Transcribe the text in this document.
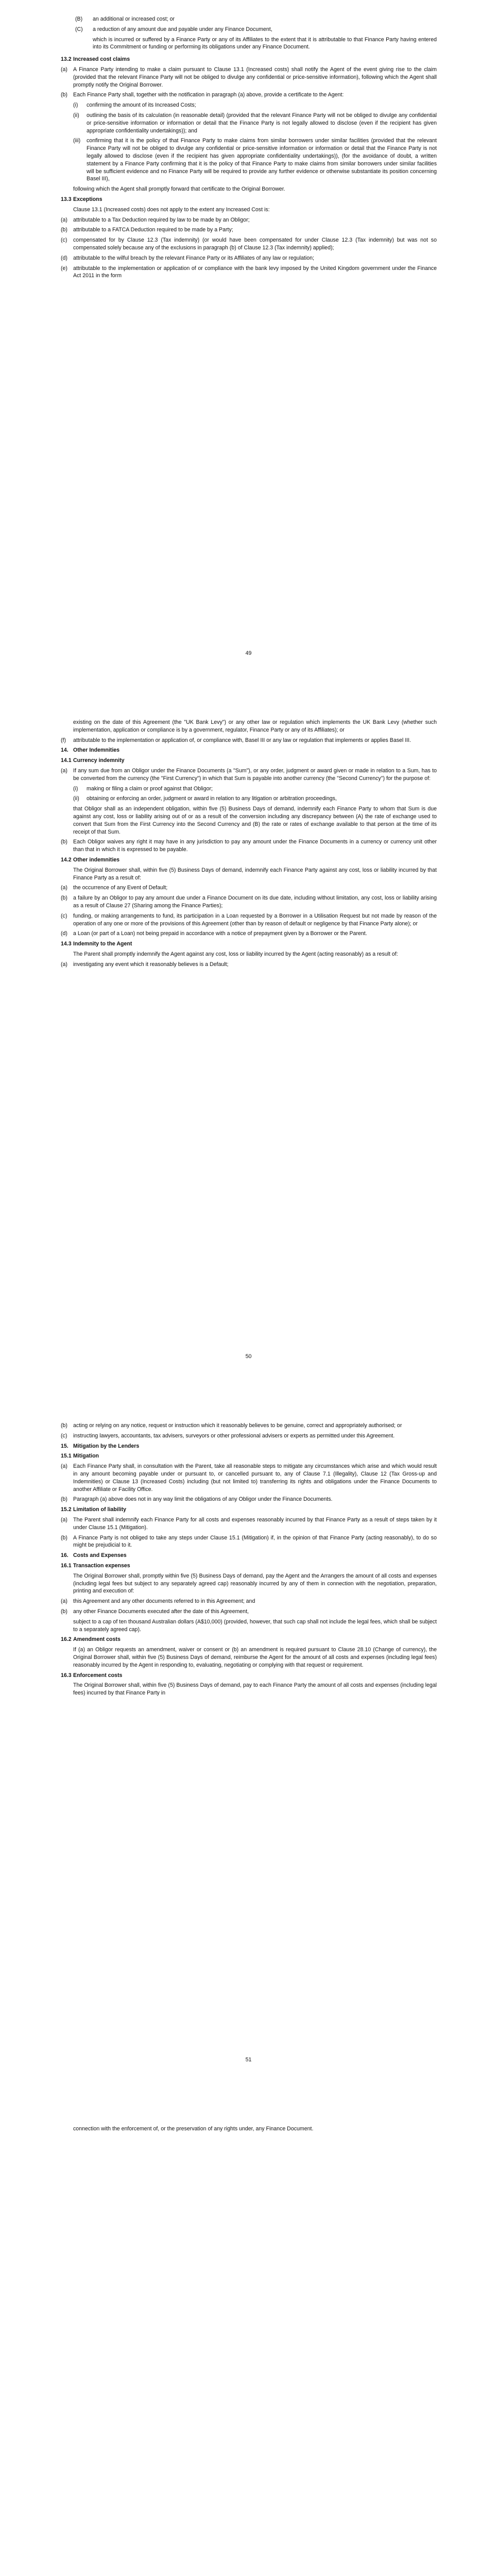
(B) an additional or increased cost; or
(C) a reduction of any amount due and payable under any Finance Document,
which is incurred or suffered by a Finance Party or any of its Affiliates to the extent that it is attributable to that Finance Party having entered into its Commitment or funding or performing its obligations under any Finance Document.
13.2 Increased cost claims
(a) A Finance Party intending to make a claim pursuant to Clause 13.1 (Increased costs) shall notify the Agent of the event giving rise to the claim (provided that the relevant Finance Party will not be obliged to divulge any confidential or price-sensitive information), following which the Agent shall promptly notify the Original Borrower.
(b) Each Finance Party shall, together with the notification in paragraph (a) above, provide a certificate to the Agent:
(i) confirming the amount of its Increased Costs;
(ii) outlining the basis of its calculation (in reasonable detail) (provided that the relevant Finance Party will not be obliged to divulge any confidential or price-sensitive information or information or detail that the Finance Party is not legally allowed to disclose (even if the recipient has given appropriate confidentiality undertakings)); and
(iii) confirming that it is the policy of that Finance Party to make claims from similar borrowers under similar facilities (provided that the relevant Finance Party will not be obliged to divulge any confidential or price-sensitive information or information or detail that the Finance Party is not legally allowed to disclose (even if the recipient has given appropriate confidentiality undertakings)), (for the avoidance of doubt, a written statement by a Finance Party confirming that it is the policy of that Finance Party to make claims from similar borrowers under similar facilities will be sufficient evidence and no Finance Party will be required to provide any further evidence or otherwise substantiate its position concerning Basel III),
following which the Agent shall promptly forward that certificate to the Original Borrower.
13.3 Exceptions
Clause 13.1 (Increased costs) does not apply to the extent any Increased Cost is:
(a) attributable to a Tax Deduction required by law to be made by an Obligor;
(b) attributable to a FATCA Deduction required to be made by a Party;
(c) compensated for by Clause 12.3 (Tax indemnity) (or would have been compensated for under Clause 12.3 (Tax indemnity) but was not so compensated solely because any of the exclusions in paragraph (b) of Clause 12.3 (Tax indemnity) applied);
(d) attributable to the wilful breach by the relevant Finance Party or its Affiliates of any law or regulation;
(e) attributable to the implementation or application of or compliance with the bank levy imposed by the United Kingdom government under the Finance Act 2011 in the form
49
existing on the date of this Agreement (the "UK Bank Levy") or any other law or regulation which implements the UK Bank Levy (whether such implementation, application or compliance is by a government, regulator, Finance Party or any of its Affiliates); or
(f) attributable to the implementation or application of, or compliance with, Basel III or any law or regulation that implements or applies Basel III.
14. Other Indemnities
14.1 Currency indemnity
(a) If any sum due from an Obligor under the Finance Documents (a "Sum"), or any order, judgment or award given or made in relation to a Sum, has to be converted from the currency (the "First Currency") in which that Sum is payable into another currency (the "Second Currency") for the purpose of:
(i) making or filing a claim or proof against that Obligor;
(ii) obtaining or enforcing an order, judgment or award in relation to any litigation or arbitration proceedings,
that Obligor shall as an independent obligation, within five (5) Business Days of demand, indemnify each Finance Party to whom that Sum is due against any cost, loss or liability arising out of or as a result of the conversion including any discrepancy between (A) the rate of exchange used to convert that Sum from the First Currency into the Second Currency and (B) the rate or rates of exchange available to that person at the time of its receipt of that Sum.
(b) Each Obligor waives any right it may have in any jurisdiction to pay any amount under the Finance Documents in a currency or currency unit other than that in which it is expressed to be payable.
14.2 Other indemnities
The Original Borrower shall, within five (5) Business Days of demand, indemnify each Finance Party against any cost, loss or liability incurred by that Finance Party as a result of:
(a) the occurrence of any Event of Default;
(b) a failure by an Obligor to pay any amount due under a Finance Document on its due date, including without limitation, any cost, loss or liability arising as a result of Clause 27 (Sharing among the Finance Parties);
(c) funding, or making arrangements to fund, its participation in a Loan requested by a Borrower in a Utilisation Request but not made by reason of the operation of any one or more of the provisions of this Agreement (other than by reason of default or negligence by that Finance Party alone); or
(d) a Loan (or part of a Loan) not being prepaid in accordance with a notice of prepayment given by a Borrower or the Parent.
14.3 Indemnity to the Agent
The Parent shall promptly indemnify the Agent against any cost, loss or liability incurred by the Agent (acting reasonably) as a result of:
(a) investigating any event which it reasonably believes is a Default;
50
(b) acting or relying on any notice, request or instruction which it reasonably believes to be genuine, correct and appropriately authorised; or
(c) instructing lawyers, accountants, tax advisers, surveyors or other professional advisers or experts as permitted under this Agreement.
15. Mitigation by the Lenders
15.1 Mitigation
(a) Each Finance Party shall, in consultation with the Parent, take all reasonable steps to mitigate any circumstances which arise and which would result in any amount becoming payable under or pursuant to, or cancelled pursuant to, any of Clause 7.1 (Illegality), Clause 12 (Tax Gross-up and Indemnities) or Clause 13 (Increased Costs) including (but not limited to) transferring its rights and obligations under the Finance Documents to another Affiliate or Facility Office.
(b) Paragraph (a) above does not in any way limit the obligations of any Obligor under the Finance Documents.
15.2 Limitation of liability
(a) The Parent shall indemnify each Finance Party for all costs and expenses reasonably incurred by that Finance Party as a result of steps taken by it under Clause 15.1 (Mitigation).
(b) A Finance Party is not obliged to take any steps under Clause 15.1 (Mitigation) if, in the opinion of that Finance Party (acting reasonably), to do so might be prejudicial to it.
16. Costs and Expenses
16.1 Transaction expenses
The Original Borrower shall, promptly within five (5) Business Days of demand, pay the Agent and the Arrangers the amount of all costs and expenses (including legal fees but subject to any separately agreed cap) reasonably incurred by any of them in connection with the negotiation, preparation, printing and execution of:
(a) this Agreement and any other documents referred to in this Agreement; and
(b) any other Finance Documents executed after the date of this Agreement,
subject to a cap of ten thousand Australian dollars (A$10,000) (provided, however, that such cap shall not include the legal fees, which shall be subject to a separately agreed cap).
16.2 Amendment costs
If (a) an Obligor requests an amendment, waiver or consent or (b) an amendment is required pursuant to Clause 28.10 (Change of currency), the Original Borrower shall, within five (5) Business Days of demand, reimburse the Agent for the amount of all costs and expenses (including legal fees) reasonably incurred by the Agent in responding to, evaluating, negotiating or complying with that request or requirement.
16.3 Enforcement costs
The Original Borrower shall, within five (5) Business Days of demand, pay to each Finance Party the amount of all costs and expenses (including legal fees) incurred by that Finance Party in
51
connection with the enforcement of, or the preservation of any rights under, any Finance Document.
